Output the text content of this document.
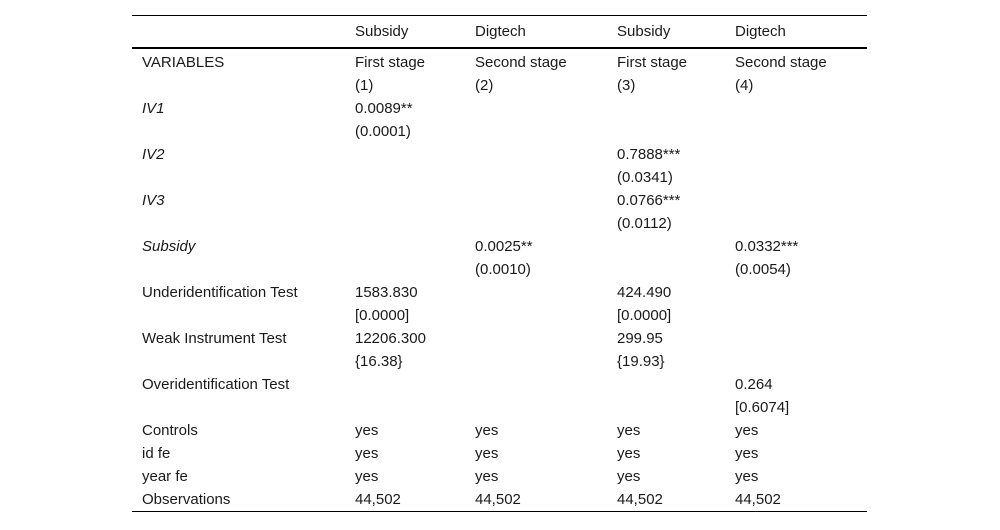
	Subsidy	Digtech	Subsidy	Digtech
VARIABLES	First stage	Second stage	First stage	Second stage
	(1)	(2)	(3)	(4)
IV1	0.0089**			
	(0.0001)			
IV2			0.7888***	
			(0.0341)	
IV3			0.0766***	
			(0.0112)	
Subsidy		0.0025**		0.0332***
		(0.0010)		(0.0054)
Underidentification Test	1583.830		424.490	
	[0.0000]		[0.0000]	
Weak Instrument Test	12206.300		299.95	
	{16.38}		{19.93}	
Overidentification Test				0.264
				[0.6074]
Controls	yes	yes	yes	yes
id fe	yes	yes	yes	yes
year fe	yes	yes	yes	yes
Observations	44,502	44,502	44,502	44,502
